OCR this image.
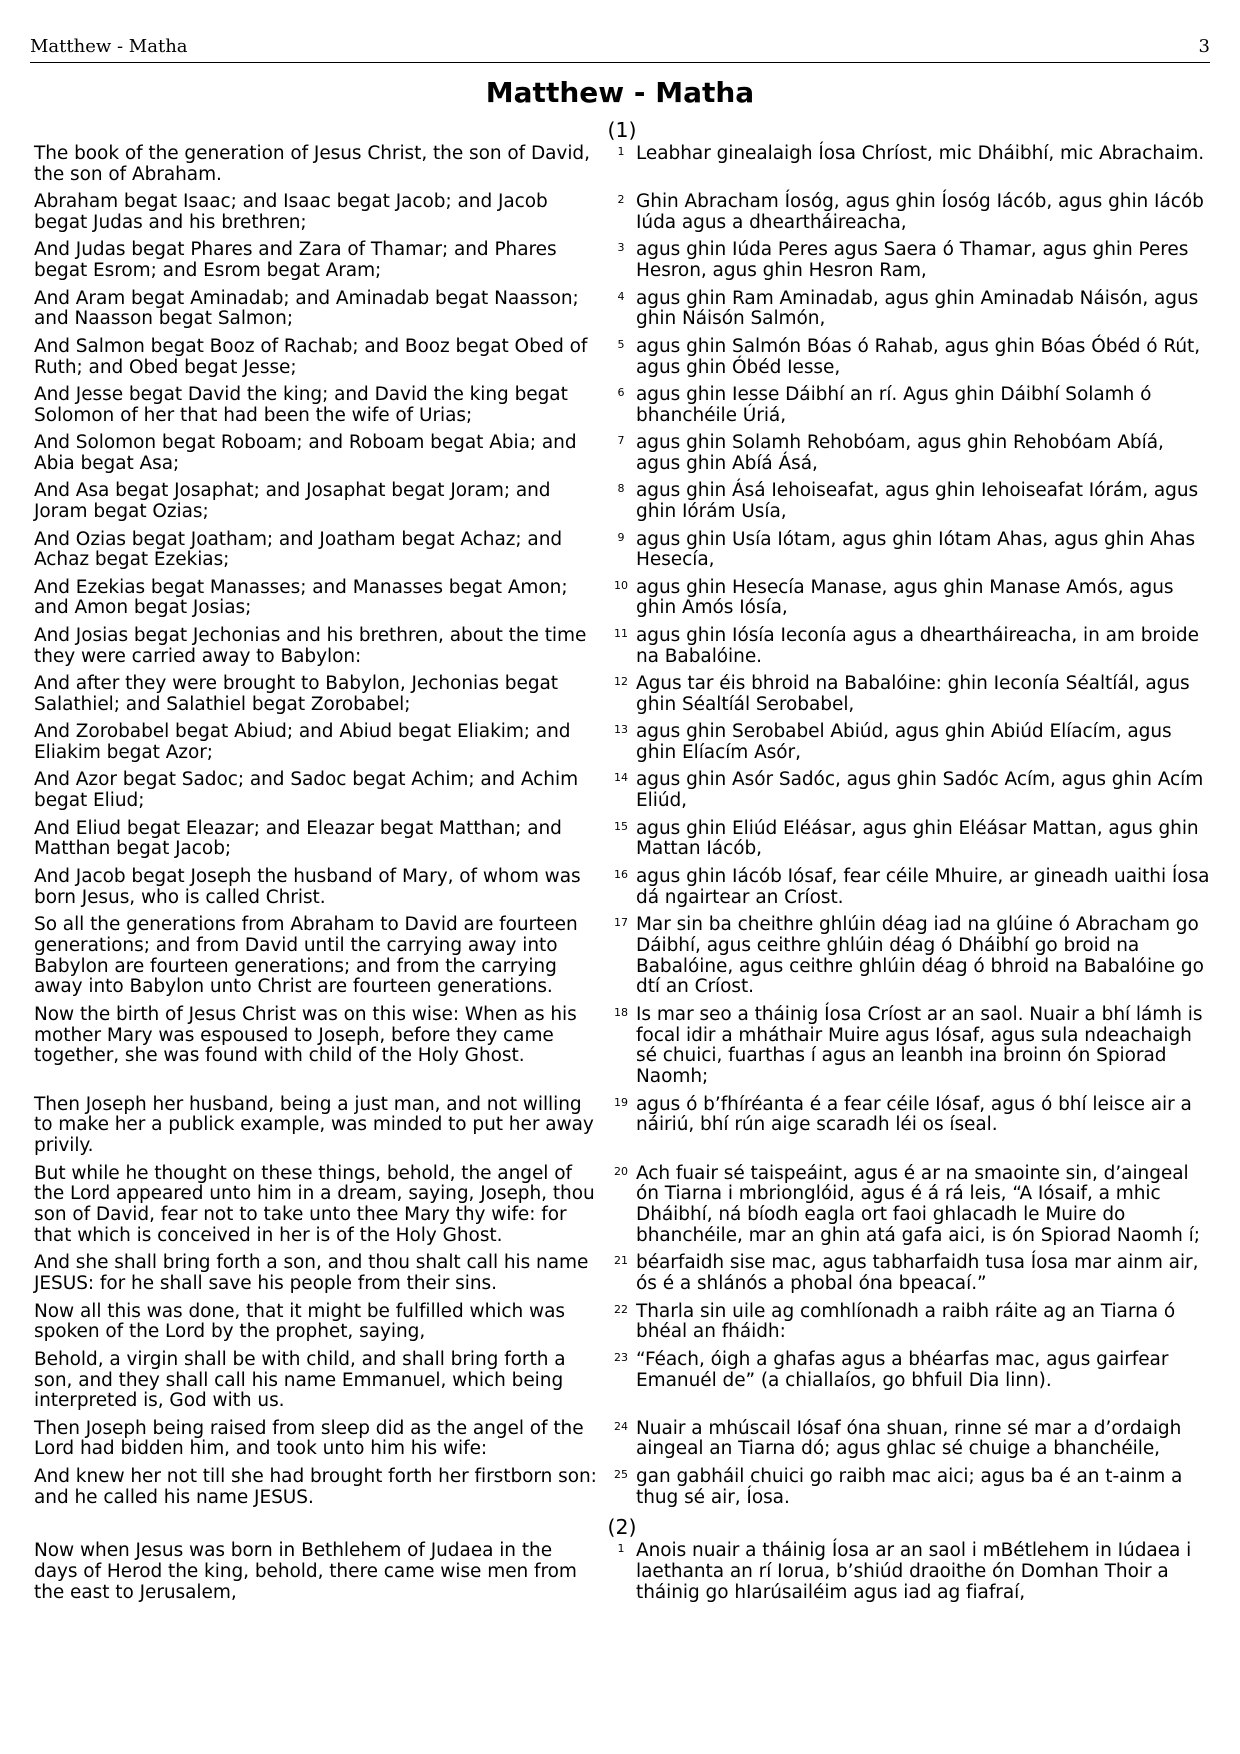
Matthew - Matha	3
Matthew - Matha
(1)
The book of the generation of Jesus Christ, the son of David, the son of Abraham.
1 Leabhar ginealaigh Íosa Chríost, mic Dháibhí, mic Abrachaim.
Abraham begat Isaac; and Isaac begat Jacob; and Jacob begat Judas and his brethren;
2 Ghin Abracham Íosóg, agus ghin Íosóg Iácób, agus ghin Iácób Iúda agus a dheartháireacha,
And Judas begat Phares and Zara of Thamar; and Phares begat Esrom; and Esrom begat Aram;
3 agus ghin Iúda Peres agus Saera ó Thamar, agus ghin Peres Hesron, agus ghin Hesron Ram,
And Aram begat Aminadab; and Aminadab begat Naasson; and Naasson begat Salmon;
4 agus ghin Ram Aminadab, agus ghin Aminadab Náisón, agus ghin Náisón Salmón,
And Salmon begat Booz of Rachab; and Booz begat Obed of Ruth; and Obed begat Jesse;
5 agus ghin Salmón Bóas ó Rahab, agus ghin Bóas Óbéd ó Rút, agus ghin Óbéd Iesse,
And Jesse begat David the king; and David the king begat Solomon of her that had been the wife of Urias;
6 agus ghin Iesse Dáibhí an rí. Agus ghin Dáibhí Solamh ó bhanchéile Úriá,
And Solomon begat Roboam; and Roboam begat Abia; and Abia begat Asa;
7 agus ghin Solamh Rehobóam, agus ghin Rehobóam Abíá, agus ghin Abíá Ásá,
And Asa begat Josaphat; and Josaphat begat Joram; and Joram begat Ozias;
8 agus ghin Ásá Iehoiseafat, agus ghin Iehoiseafat Iórám, agus ghin Iórám Usía,
And Ozias begat Joatham; and Joatham begat Achaz; and Achaz begat Ezekias;
9 agus ghin Usía Iótam, agus ghin Iótam Ahas, agus ghin Ahas Hesecía,
And Ezekias begat Manasses; and Manasses begat Amon; and Amon begat Josias;
10 agus ghin Hesecía Manase, agus ghin Manase Amós, agus ghin Amós Iósía,
And Josias begat Jechonias and his brethren, about the time they were carried away to Babylon:
11 agus ghin Iósía Ieconía agus a dheartháireacha, in am broide na Babalóine.
And after they were brought to Babylon, Jechonias begat Salathiel; and Salathiel begat Zorobabel;
12 Agus tar éis bhroid na Babalóine: ghin Ieconía Séaltíál, agus ghin Séaltíál Serobabel,
And Zorobabel begat Abiud; and Abiud begat Eliakim; and Eliakim begat Azor;
13 agus ghin Serobabel Abiúd, agus ghin Abiúd Elíacím, agus ghin Elíacím Asór,
And Azor begat Sadoc; and Sadoc begat Achim; and Achim begat Eliud;
14 agus ghin Asór Sadóc, agus ghin Sadóc Acím, agus ghin Acím Eliúd,
And Eliud begat Eleazar; and Eleazar begat Matthan; and Matthan begat Jacob;
15 agus ghin Eliúd Eléásar, agus ghin Eléásar Mattan, agus ghin Mattan Iácób,
And Jacob begat Joseph the husband of Mary, of whom was born Jesus, who is called Christ.
16 agus ghin Iácób Iósaf, fear céile Mhuire, ar gineadh uaithi Íosa dá ngairtear an Críost.
So all the generations from Abraham to David are fourteen generations; and from David until the carrying away into Babylon are fourteen generations; and from the carrying away into Babylon unto Christ are fourteen generations.
17 Mar sin ba cheithre ghlúin déag iad na glúine ó Abracham go Dáibhí, agus ceithre ghlúin déag ó Dháibhí go broid na Babalóine, agus ceithre ghlúin déag ó bhroid na Babalóine go dtí an Críost.
Now the birth of Jesus Christ was on this wise: When as his mother Mary was espoused to Joseph, before they came together, she was found with child of the Holy Ghost.
18 Is mar seo a tháinig Íosa Críost ar an saol. Nuair a bhí lámh is focal idir a mháthair Muire agus Iósaf, agus sula ndeachaigh sé chuici, fuarthas í agus an leanbh ina broinn ón Spiorad Naomh;
Then Joseph her husband, being a just man, and not willing to make her a publick example, was minded to put her away privily.
19 agus ó b’fhíréanta é a fear céile Iósaf, agus ó bhí leisce air a náiriú, bhí rún aige scaradh léi os íseal.
But while he thought on these things, behold, the angel of the Lord appeared unto him in a dream, saying, Joseph, thou son of David, fear not to take unto thee Mary thy wife: for that which is conceived in her is of the Holy Ghost.
20 Ach fuair sé taispeáint, agus é ar na smaointe sin, d’aingeal ón Tiarna i mbrionglóid, agus é á rá leis, “A Iósaif, a mhic Dháibhí, ná bíodh eagla ort faoi ghlacadh le Muire do bhanchéile, mar an ghin atá gafa aici, is ón Spiorad Naomh í;
And she shall bring forth a son, and thou shalt call his name JESUS: for he shall save his people from their sins.
21 béarfaidh sise mac, agus tabharfaidh tusa Íosa mar ainm air, ós é a shlánós a phobal óna bpeacaí.”
Now all this was done, that it might be fulfilled which was spoken of the Lord by the prophet, saying,
22 Tharla sin uile ag comhlíonadh a raibh ráite ag an Tiarna ó bhéal an fháidh:
Behold, a virgin shall be with child, and shall bring forth a son, and they shall call his name Emmanuel, which being interpreted is, God with us.
23 “Féach, óigh a ghafas agus a bhéarfas mac, agus gairfear Emanuél de” (a chiallaíos, go bhfuil Dia linn).
Then Joseph being raised from sleep did as the angel of the Lord had bidden him, and took unto him his wife:
24 Nuair a mhúscail Iósaf óna shuan, rinne sé mar a d’ordaigh aingeal an Tiarna dó; agus ghlac sé chuige a bhanchéile,
And knew her not till she had brought forth her firstborn son: and he called his name JESUS.
25 gan gabháil chuici go raibh mac aici; agus ba é an t-ainm a thug sé air, Íosa.
(2)
Now when Jesus was born in Bethlehem of Judaea in the days of Herod the king, behold, there came wise men from the east to Jerusalem,
1 Anois nuair a tháinig Íosa ar an saol i mBétlehem in Iúdaea i laethanta an rí Iorua, b’shiúd draoithe ón Domhan Thoir a tháinig go hIarúsailéim agus iad ag fiafraí,
